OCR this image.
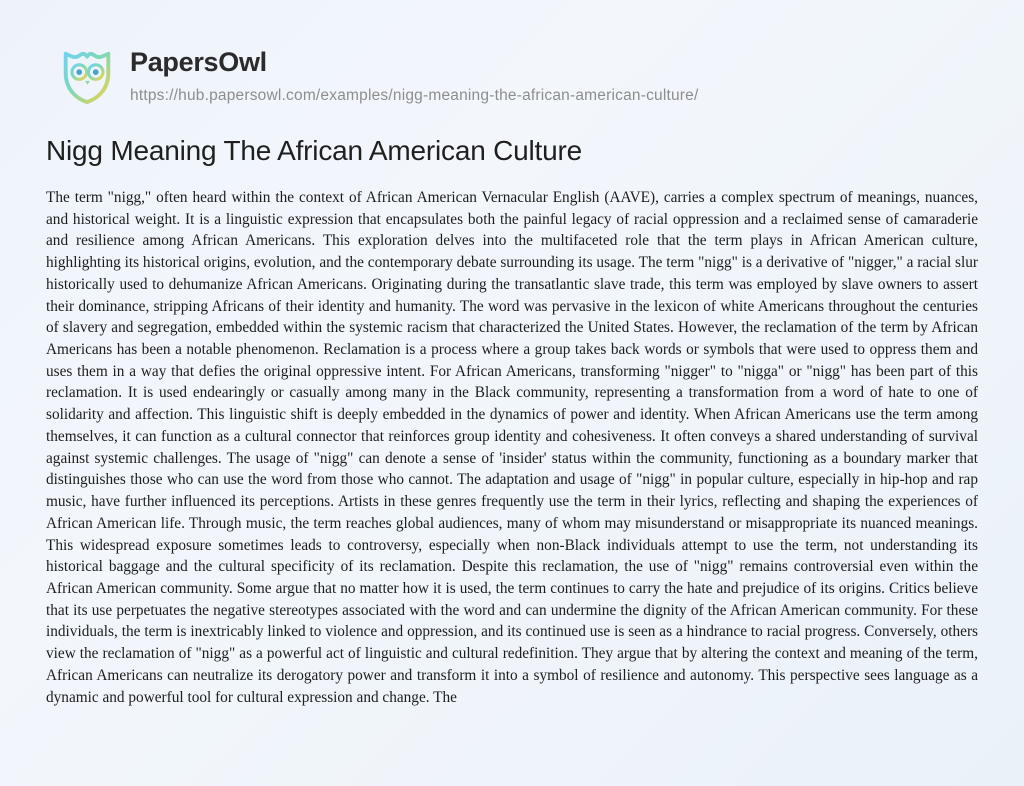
PapersOwl
https://hub.papersowl.com/examples/nigg-meaning-the-african-american-culture/
Nigg Meaning The African American Culture
The term "nigg," often heard within the context of African American Vernacular English (AAVE), carries a complex spectrum of meanings, nuances, and historical weight. It is a linguistic expression that encapsulates both the painful legacy of racial oppression and a reclaimed sense of camaraderie and resilience among African Americans. This exploration delves into the multifaceted role that the term plays in African American culture, highlighting its historical origins, evolution, and the contemporary debate surrounding its usage. The term "nigg" is a derivative of "nigger," a racial slur historically used to dehumanize African Americans. Originating during the transatlantic slave trade, this term was employed by slave owners to assert their dominance, stripping Africans of their identity and humanity. The word was pervasive in the lexicon of white Americans throughout the centuries of slavery and segregation, embedded within the systemic racism that characterized the United States. However, the reclamation of the term by African Americans has been a notable phenomenon. Reclamation is a process where a group takes back words or symbols that were used to oppress them and uses them in a way that defies the original oppressive intent. For African Americans, transforming "nigger" to "nigga" or "nigg" has been part of this reclamation. It is used endearingly or casually among many in the Black community, representing a transformation from a word of hate to one of solidarity and affection. This linguistic shift is deeply embedded in the dynamics of power and identity. When African Americans use the term among themselves, it can function as a cultural connector that reinforces group identity and cohesiveness. It often conveys a shared understanding of survival against systemic challenges. The usage of "nigg" can denote a sense of 'insider' status within the community, functioning as a boundary marker that distinguishes those who can use the word from those who cannot. The adaptation and usage of "nigg" in popular culture, especially in hip-hop and rap music, have further influenced its perceptions. Artists in these genres frequently use the term in their lyrics, reflecting and shaping the experiences of African American life. Through music, the term reaches global audiences, many of whom may misunderstand or misappropriate its nuanced meanings. This widespread exposure sometimes leads to controversy, especially when non-Black individuals attempt to use the term, not understanding its historical baggage and the cultural specificity of its reclamation. Despite this reclamation, the use of "nigg" remains controversial even within the African American community. Some argue that no matter how it is used, the term continues to carry the hate and prejudice of its origins. Critics believe that its use perpetuates the negative stereotypes associated with the word and can undermine the dignity of the African American community. For these individuals, the term is inextricably linked to violence and oppression, and its continued use is seen as a hindrance to racial progress. Conversely, others view the reclamation of "nigg" as a powerful act of linguistic and cultural redefinition. They argue that by altering the context and meaning of the term, African Americans can neutralize its derogatory power and transform it into a symbol of resilience and autonomy. This perspective sees language as a dynamic and powerful tool for cultural expression and change. The
